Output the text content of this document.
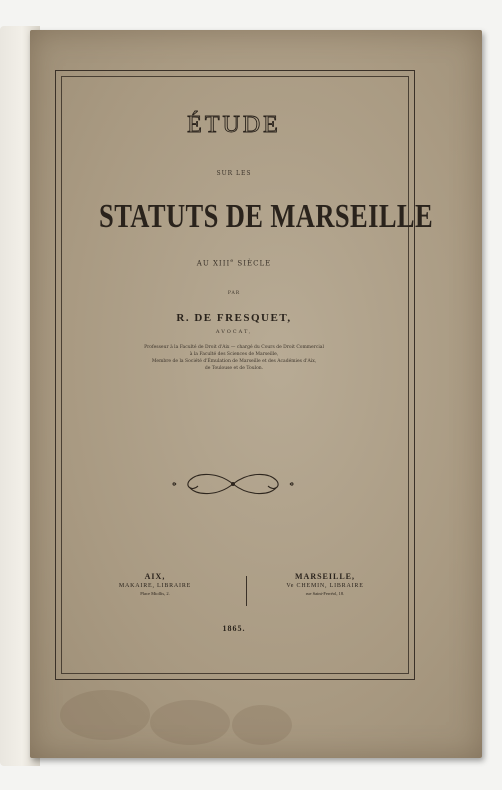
ÉTUDE
SUR LES
STATUTS DE MARSEILLE
AU XIIIe SIÈCLE
PAR
R. DE FRESQUET,
AVOCAT,
Professeur à la Faculté de Droit d'Aix — chargé du Cours de Droit Commercial
à la Faculté des Sciences de Marseille,
Membre de la Société d'Émulation de Marseille et des Académies d'Aix,
de Toulouse et de Toulon.
AIX,
MAKAIRE, LIBRAIRE
Place Miollis, 2.
MARSEILLE,
Ve CHEMIN, LIBRAIRE
rue Saint-Ferréol, 18.
1865.
